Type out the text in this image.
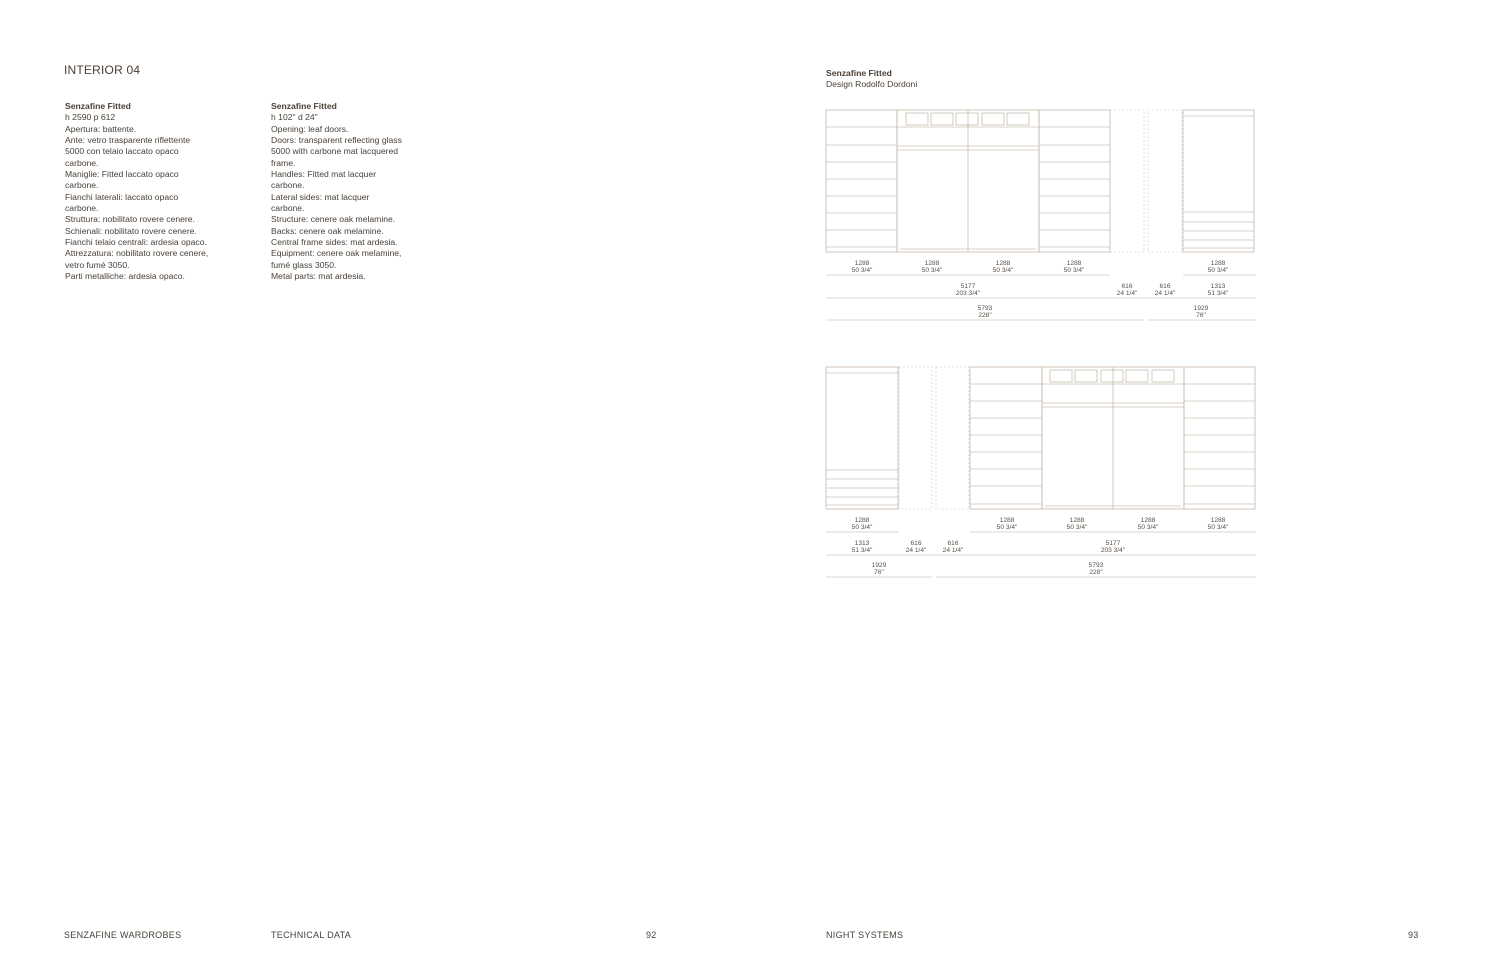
INTERIOR 04
Senzafine Fitted
h 2590 p 612
Apertura: battente.
Ante: vetro trasparente riflettente
5000 con telaio laccato opaco
carbone.
Maniglie: Fitted laccato opaco
carbone.
Fianchi laterali: laccato opaco
carbone.
Struttura: nobilitato rovere cenere.
Schienali: nobilitato rovere cenere.
Fianchi telaio centrali: ardesia opaco.
Attrezzatura: nobilitato rovere cenere,
vetro fumé 3050.
Parti metalliche: ardesia opaco.
Senzafine Fitted
h 102" d 24"
Opening: leaf doors.
Doors: transparent reflecting glass
5000 with carbone mat lacquered
frame.
Handles: Fitted mat lacquer
carbone.
Lateral sides: mat lacquer
carbone.
Structure: cenere oak melamine.
Backs: cenere oak melamine.
Central frame sides: mat ardesia.
Equipment: cenere oak melamine,
fumé glass 3050.
Metal parts: mat ardesia.
Senzafine Fitted
Design Rodolfo Dordoni
1288
50 3/4"
1288
50 3/4"
1288
50 3/4"
1288
50 3/4"
1288
50 3/4"
5177
203 3/4"
616
24 1/4"
616
24 1/4"
1313
51 3/4"
5793
228"
1929
76"
1288
50 3/4"
1288
50 3/4"
1288
50 3/4"
1288
50 3/4"
1288
50 3/4"
1313
51 3/4"
616
24 1/4"
616
24 1/4"
5177
203 3/4"
1929
76"
5793
228"
SENZAFINE WARDROBES	TECHNICAL DATA	92	NIGHT SYSTEMS	93
